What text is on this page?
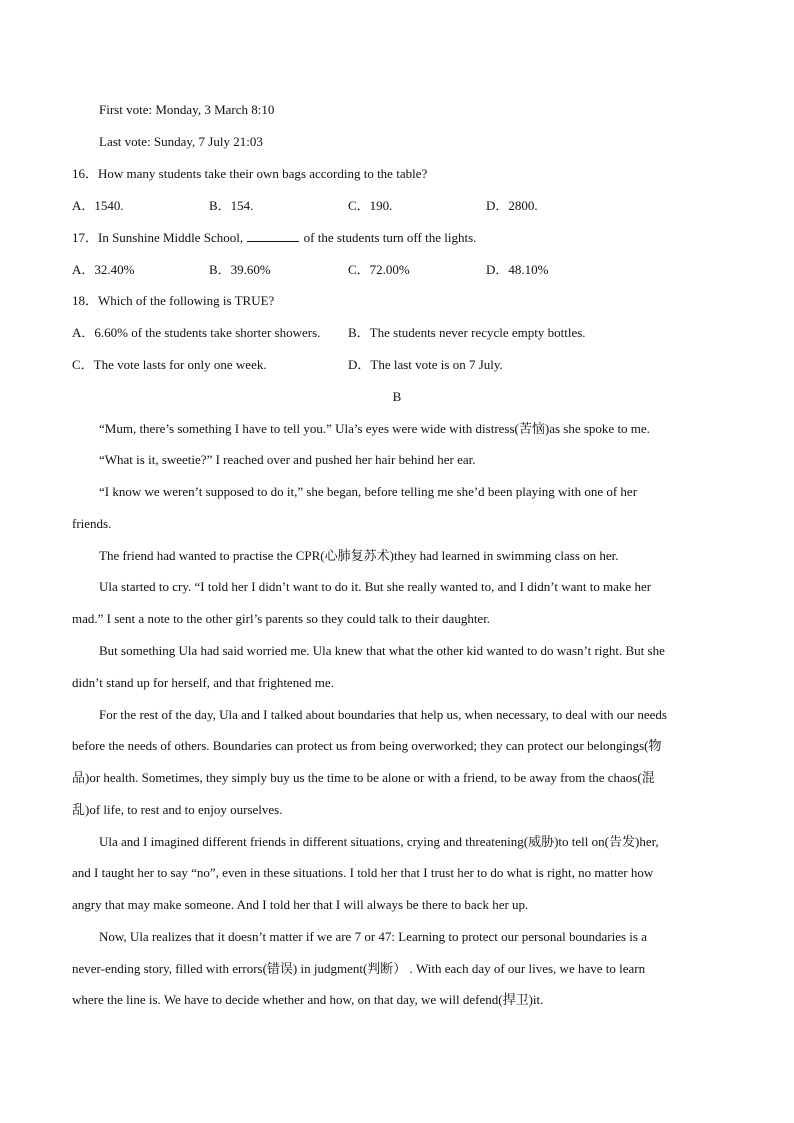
First vote: Monday, 3 March 8:10
Last vote: Sunday, 7 July 21:03
16．How many students take their own bags according to the table?
A．1540.	B．154.	C．190.	D．2800.
17．In Sunshine Middle School,	of the students turn off the lights.
A．32.40%	B．39.60%	C．72.00%	D．48.10%
18．Which of the following is TRUE?
A．6.60% of the students take shorter showers. B．The students never recycle empty bottles.
C．The vote lasts for only one week.	D．The last vote is on 7 July.
B
“Mum, there’s something I have to tell you.” Ula’s eyes were wide with distress(苦恼)as she spoke to me.
“What is it, sweetie?” I reached over and pushed her hair behind her ear.
“I know we weren’t supposed to do it,” she began, before telling me she’d been playing with one of her
friends.
The friend had wanted to practise the CPR(心肺复苏术)they had learned in swimming class on her.
Ula started to cry. “I told her I didn’t want to do it. But she really wanted to, and I didn’t want to make her
mad.” I sent a note to the other girl’s parents so they could talk to their daughter.
But something Ula had said worried me. Ula knew that what the other kid wanted to do wasn’t right. But she
didn’t stand up for herself, and that frightened me.
For the rest of the day, Ula and I talked about boundaries that help us, when necessary, to deal with our needs
before the needs of others. Boundaries can protect us from being overworked; they can protect our belongings(物
品)or health. Sometimes, they simply buy us the time to be alone or with a friend, to be away from the chaos(混
乱)of life, to rest and to enjoy ourselves.
Ula and I imagined different friends in different situations, crying and threatening(威胁)to tell on(告发)her,
and I taught her to say “no”, even in these situations. I told her that I trust her to do what is right, no matter how
angry that may make someone. And I told her that I will always be there to back her up.
Now, Ula realizes that it doesn’t matter if we are 7 or 47: Learning to protect our personal boundaries is a
never-ending story, filled with errors(错误) in judgment(判断） . With each day of our lives, we have to learn
where the line is. We have to decide whether and how, on that day, we will defend(捍卫)it.
